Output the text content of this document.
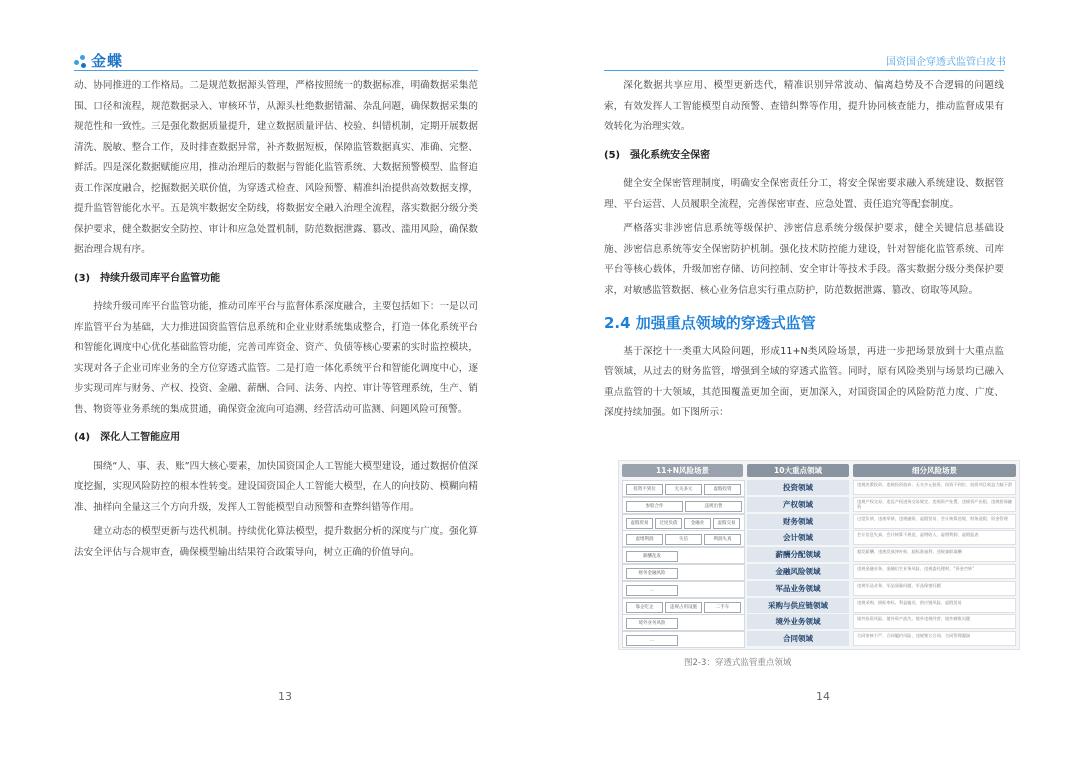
金蝶

动、协同推进的工作格局。二是规范数据源头管理，严格按照统一的数据标准，明确数据采集范围、口径和流程，规范数据录入、审核环节，从源头杜绝数据错漏、杂乱问题，确保数据采集的规范性和一致性。三是强化数据质量提升，建立数据质量评估、校验、纠错机制，定期开展数据清洗、脱敏、整合工作，及时排查数据异常，补齐数据短板，保障监管数据真实、准确、完整、鲜活。四是深化数据赋能应用，推动治理后的数据与智能化监管系统、大数据预警模型、监督追责工作深度融合，挖掘数据关联价值，为穿透式检查、风险预警、精准纠治提供高效数据支撑，提升监管智能化水平。五是筑牢数据安全防线，将数据安全融入治理全流程，落实数据分级分类保护要求，健全数据安全防控、审计和应急处置机制，防范数据泄露、篡改、滥用风险，确保数据治理合规有序。

(3)　持续升级司库平台监管功能

持续升级司库平台监管功能，推动司库平台与监督体系深度融合，主要包括如下：一是以司库监管平台为基础，大力推进国资监管信息系统和企业业财系统集成整合，打造一体化系统平台和智能化调度中心优化基础监管功能，完善司库资金、资产、负债等核心要素的实时监控模块，实现对各子企业司库业务的全方位穿透式监管。二是打造一体化系统平台和智能化调度中心，逐步实现司库与财务、产权、投资、金融、薪酬、合同、法务、内控、审计等管理系统，生产、销售、物资等业务系统的集成贯通，确保资金流向可追溯、经营活动可监测、问题风险可预警。

(4)　深化人工智能应用

围绕“人、事、表、账”四大核心要素，加快国资国企人工智能大模型建设，通过数据价值深度挖掘，实现风险防控的根本性转变。建设国资国企人工智能大模型，在人的向技防、模糊向精准、抽样向全量这三个方向升级，发挥人工智能模型自动预警和查弊纠错等作用。

建立动态的模型更新与迭代机制。持续优化算法模型，提升数据分析的深度与广度。强化算法安全评估与合规审查，确保模型输出结果符合政策导向，树立正确的价值导向。

13
国资国企穿透式监管白皮书

深化数据共享应用、模型更新迭代，精准识别异常波动、偏离趋势及不合逻辑的问题线索，有效发挥人工智能模型自动预警、查错纠弊等作用，提升协同核查能力，推动监督成果有效转化为治理实效。

(5)　强化系统安全保密

健全安全保密管理制度，明确安全保密责任分工，将安全保密要求融入系统建设、数据管理、平台运营、人员履职全流程，完善保密审查、应急处置、责任追究等配套制度。

严格落实非涉密信息系统等级保护、涉密信息系统分级保护要求，健全关键信息基础设施、涉密信息系统等安全保密防护机制。强化技术防控能力建设，针对智能化监管系统、司库平台等核心载体，升级加密存储、访问控制、安全审计等技术手段。落实数据分级分类保护要求，对敏感监管数据、核心业务信息实行重点防护，防范数据泄露、篡改、窃取等风险。

2.4 加强重点领域的穿透式监管

基于深挖十一类重大风险问题，形成11+N类风险场景，再进一步把场景放到十大重点监管领域，从过去的财务监管，增强到全域的穿透式监管。同时，原有风险类别与场景均已融入重点监管的十大领域，其范围覆盖更加全面，更加深入，对国资国企的风险防范力度、广度、深度持续加强。如下图所示：

11+N风险场景	10大重点领域	细分风险场景
投资不到位	无关多元	虚假投资	投资领域	违规决策投资、违规投资放弃、无关多元投资、投资不到位、投资项目收益大幅下滑
参股合作	违规出售	产权领域	违规产权交易、违反产权进场交易规定、违规资产处置、违规资产出租、违规担保融资
虚假贸易	过度负债	金融业	虚假交易	财务领域	过度负债、违规举债、违规融资、虚假贸易、会计核算违规、财务造假、资金管理
虚增利润	失信	利润失真	会计领域	会计信息失真、会计核算不规范、虚增收入、虚增利润、虚假报表
薪酬乱发	薪酬分配领域	超发薪酬、违规发放津补贴、超标准福利、违规兼职取酬
财务金融风险	金融风险领域	违规金融业务、金融衍生业务风险、违规委托理财、“资金空转”
…	军品业务领域	违规军品业务、军品质量问题、军品保密问题
靠企吃企	违规占用设施	二手车	采购与供应链领域	违规采购、围标串标、利益输送、供应链风险、虚假贸易
境外业务风险	境外业务领域	境外投资风险、境外资产流失、境外违规经营、境外腐败问题
…	合同领域	合同审核不严、合同履约风险、违规签订合同、合同管理漏洞
图2-3：穿透式监管重点领域
14
